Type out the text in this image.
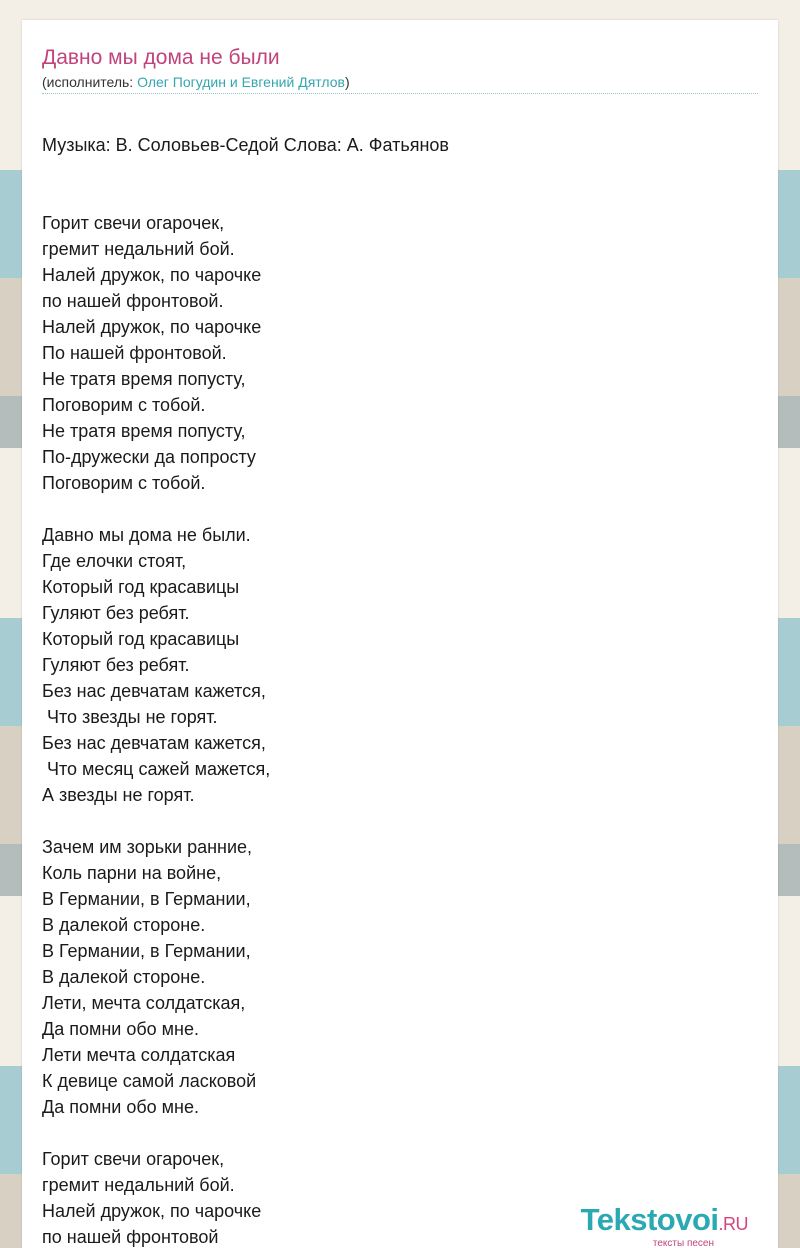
Давно мы дома не были
(исполнитель: Олег Погудин и Евгений Дятлов)

Музыка: В. Соловьев-Седой Слова: А. Фатьянов

Горит свечи огарочек,
гремит недальний бой.
Налей дружок, по чарочке
по нашей фронтовой.
Налей дружок, по чарочке
По нашей фронтовой.
Не тратя время попусту,
Поговорим с тобой.
Не тратя время попусту,
По-дружески да попросту
Поговорим с тобой.
Давно мы дома не были.
Где елочки стоят,
Который год красавицы
Гуляют без ребят.
Который год красавицы
Гуляют без ребят.
Без нас девчатам кажется,
Что звезды не горят.
Без нас девчатам кажется,
Что месяц сажей мажется,
А звезды не горят.
Зачем им зорьки ранние,
Коль парни на войне,
В Германии, в Германии,
В далекой стороне.
В Германии, в Германии,
В далекой стороне.
Лети, мечта солдатская,
Да помни обо мне.
Лети мечта солдатская
К девице самой ласковой
Да помни обо мне.
Горит свечи огарочек,
гремит недальний бой.
Налей дружок, по чарочке
по нашей фронтовой	Tekstovoi.RU
тексты песен
